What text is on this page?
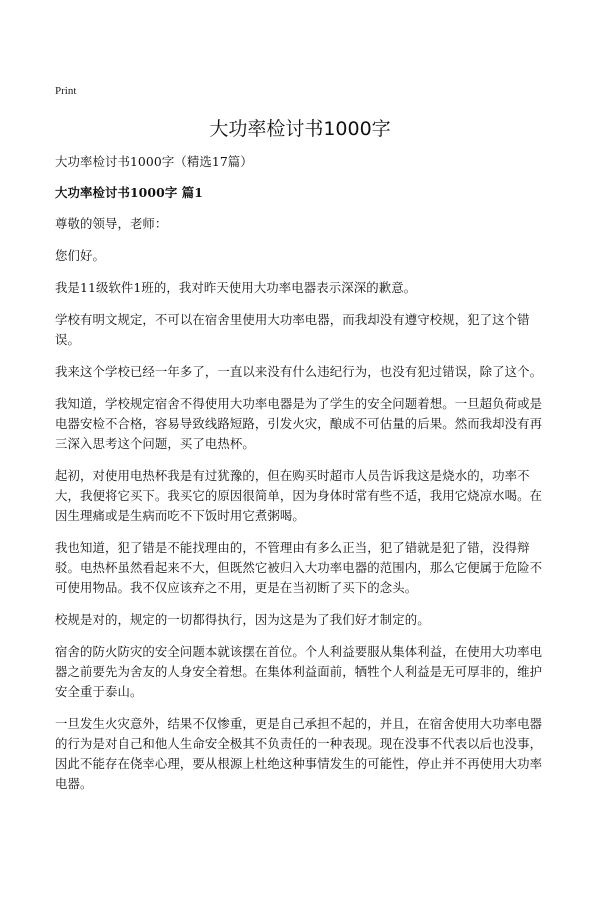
Print
大功率检讨书1000字

大功率检讨书1000字（精选17篇）

大功率检讨书1000字 篇1

尊敬的领导，老师：

您们好。

我是11级软件1班的，我对昨天使用大功率电器表示深深的歉意。

学校有明文规定，不可以在宿舍里使用大功率电器，而我却没有遵守校规，犯了这个错误。

我来这个学校已经一年多了，一直以来没有什么违纪行为，也没有犯过错误，除了这个。

我知道，学校规定宿舍不得使用大功率电器是为了学生的安全问题着想。一旦超负荷或是电器安检不合格，容易导致线路短路，引发火灾，酿成不可估量的后果。然而我却没有再三深入思考这个问题，买了电热杯。

起初，对使用电热杯我是有过犹豫的，但在购买时超市人员告诉我这是烧水的，功率不大，我便将它买下。我买它的原因很简单，因为身体时常有些不适，我用它烧凉水喝。在因生理痛或是生病而吃不下饭时用它煮粥喝。

我也知道，犯了错是不能找理由的，不管理由有多么正当，犯了错就是犯了错，没得辩驳。电热杯虽然看起来不大，但既然它被归入大功率电器的范围内，那么它便属于危险不可使用物品。我不仅应该弃之不用，更是在当初断了买下的念头。

校规是对的，规定的一切都得执行，因为这是为了我们好才制定的。

宿舍的防火防灾的安全问题本就该摆在首位。个人利益要服从集体利益，在使用大功率电器之前要先为舍友的人身安全着想。在集体利益面前，牺牲个人利益是无可厚非的，维护安全重于泰山。

一旦发生火灾意外，结果不仅惨重，更是自己承担不起的，并且，在宿舍使用大功率电器的行为是对自己和他人生命安全极其不负责任的一种表现。现在没事不代表以后也没事，因此不能存在侥幸心理，要从根源上杜绝这种事情发生的可能性，停止并不再使用大功率电器。
